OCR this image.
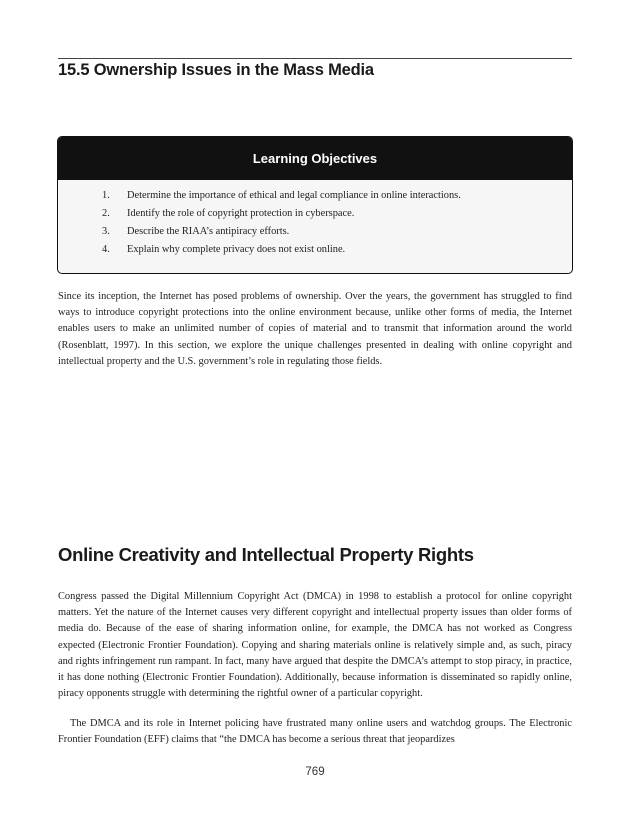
15.5 Ownership Issues in the Mass Media
Learning Objectives
1. Determine the importance of ethical and legal compliance in online interactions.
2. Identify the role of copyright protection in cyberspace.
3. Describe the RIAA’s antipiracy efforts.
4. Explain why complete privacy does not exist online.

Since its inception, the Internet has posed problems of ownership. Over the years, the government has struggled to find ways to introduce copyright protections into the online environment because, unlike other forms of media, the Internet enables users to make an unlimited number of copies of material and to transmit that information around the world (Rosenblatt, 1997). In this section, we explore the unique challenges presented in dealing with online copyright and intellectual property and the U.S. government’s role in regulating those fields.

Online Creativity and Intellectual Property Rights

Congress passed the Digital Millennium Copyright Act (DMCA) in 1998 to establish a protocol for online copyright matters. Yet the nature of the Internet causes very different copyright and intellectual property issues than older forms of media do. Because of the ease of sharing information online, for example, the DMCA has not worked as Congress expected (Electronic Frontier Foundation). Copying and sharing materials online is relatively simple and, as such, piracy and rights infringement run rampant. In fact, many have argued that despite the DMCA’s attempt to stop piracy, in practice, it has done nothing (Electronic Frontier Foundation). Additionally, because information is disseminated so rapidly online, piracy opponents struggle with determining the rightful owner of a particular copyright.

The DMCA and its role in Internet policing have frustrated many online users and watchdog groups. The Electronic Frontier Foundation (EFF) claims that “the DMCA has become a serious threat that jeopardizes

769
